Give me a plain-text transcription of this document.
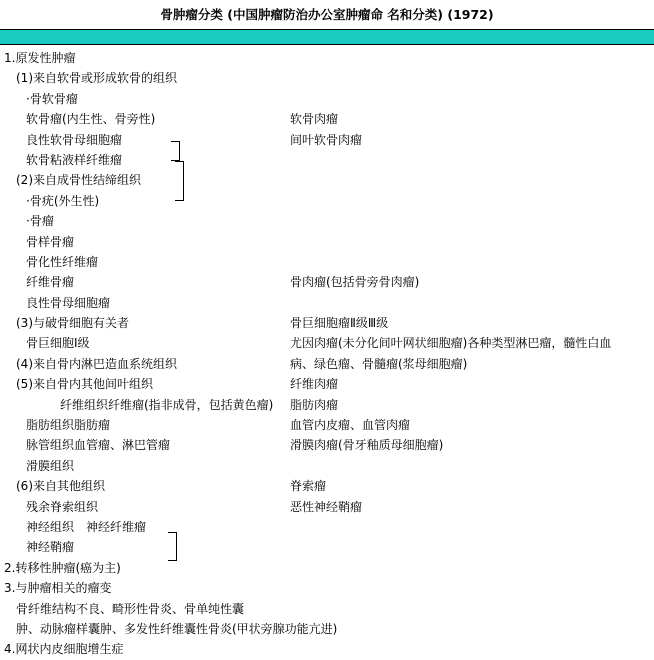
骨肿瘤分类 (中国肿瘤防治办公室肿瘤命 名和分类) (1972)
1.原发性肿瘤
(1)来自软骨或形成软骨的组织
·骨软骨瘤
软骨瘤(内生性、骨旁性)	软骨肉瘤
良性软骨母细胞瘤	间叶软骨肉瘤
软骨粘液样纤维瘤
(2)来自成骨性结缔组织
·骨疣(外生性)
·骨瘤
骨样骨瘤
骨化性纤维瘤
纤维骨瘤	骨肉瘤(包括骨旁骨肉瘤)
良性骨母细胞瘤
(3)与破骨细胞有关者	骨巨细胞瘤Ⅱ级Ⅲ级
骨巨细胞Ⅰ级	尤因肉瘤(未分化间叶网状细胞瘤)各种类型淋巴瘤，髓性白血
(4)来自骨内淋巴造血系统组织	病、绿色瘤、骨髓瘤(浆母细胞瘤)
(5)来自骨内其他间叶组织	纤维肉瘤
纤维组织纤维瘤(指非成骨，包括黄色瘤) 脂肪肉瘤
脂肪组织脂肪瘤	血管内皮瘤、血管肉瘤
脉管组织血管瘤、淋巴管瘤	滑膜肉瘤(骨牙釉质母细胞瘤)
滑膜组织
(6)来自其他组织	脊索瘤
残余脊索组织	恶性神经鞘瘤
神经组织　神经纤维瘤
神经鞘瘤
2.转移性肿瘤(癌为主)
3.与肿瘤相关的瘤变
骨纤维结构不良、畸形性骨炎、骨单纯性囊
肿、动脉瘤样囊肿、多发性纤维囊性骨炎(甲状旁腺功能亢进)
4.网状内皮细胞增生症
